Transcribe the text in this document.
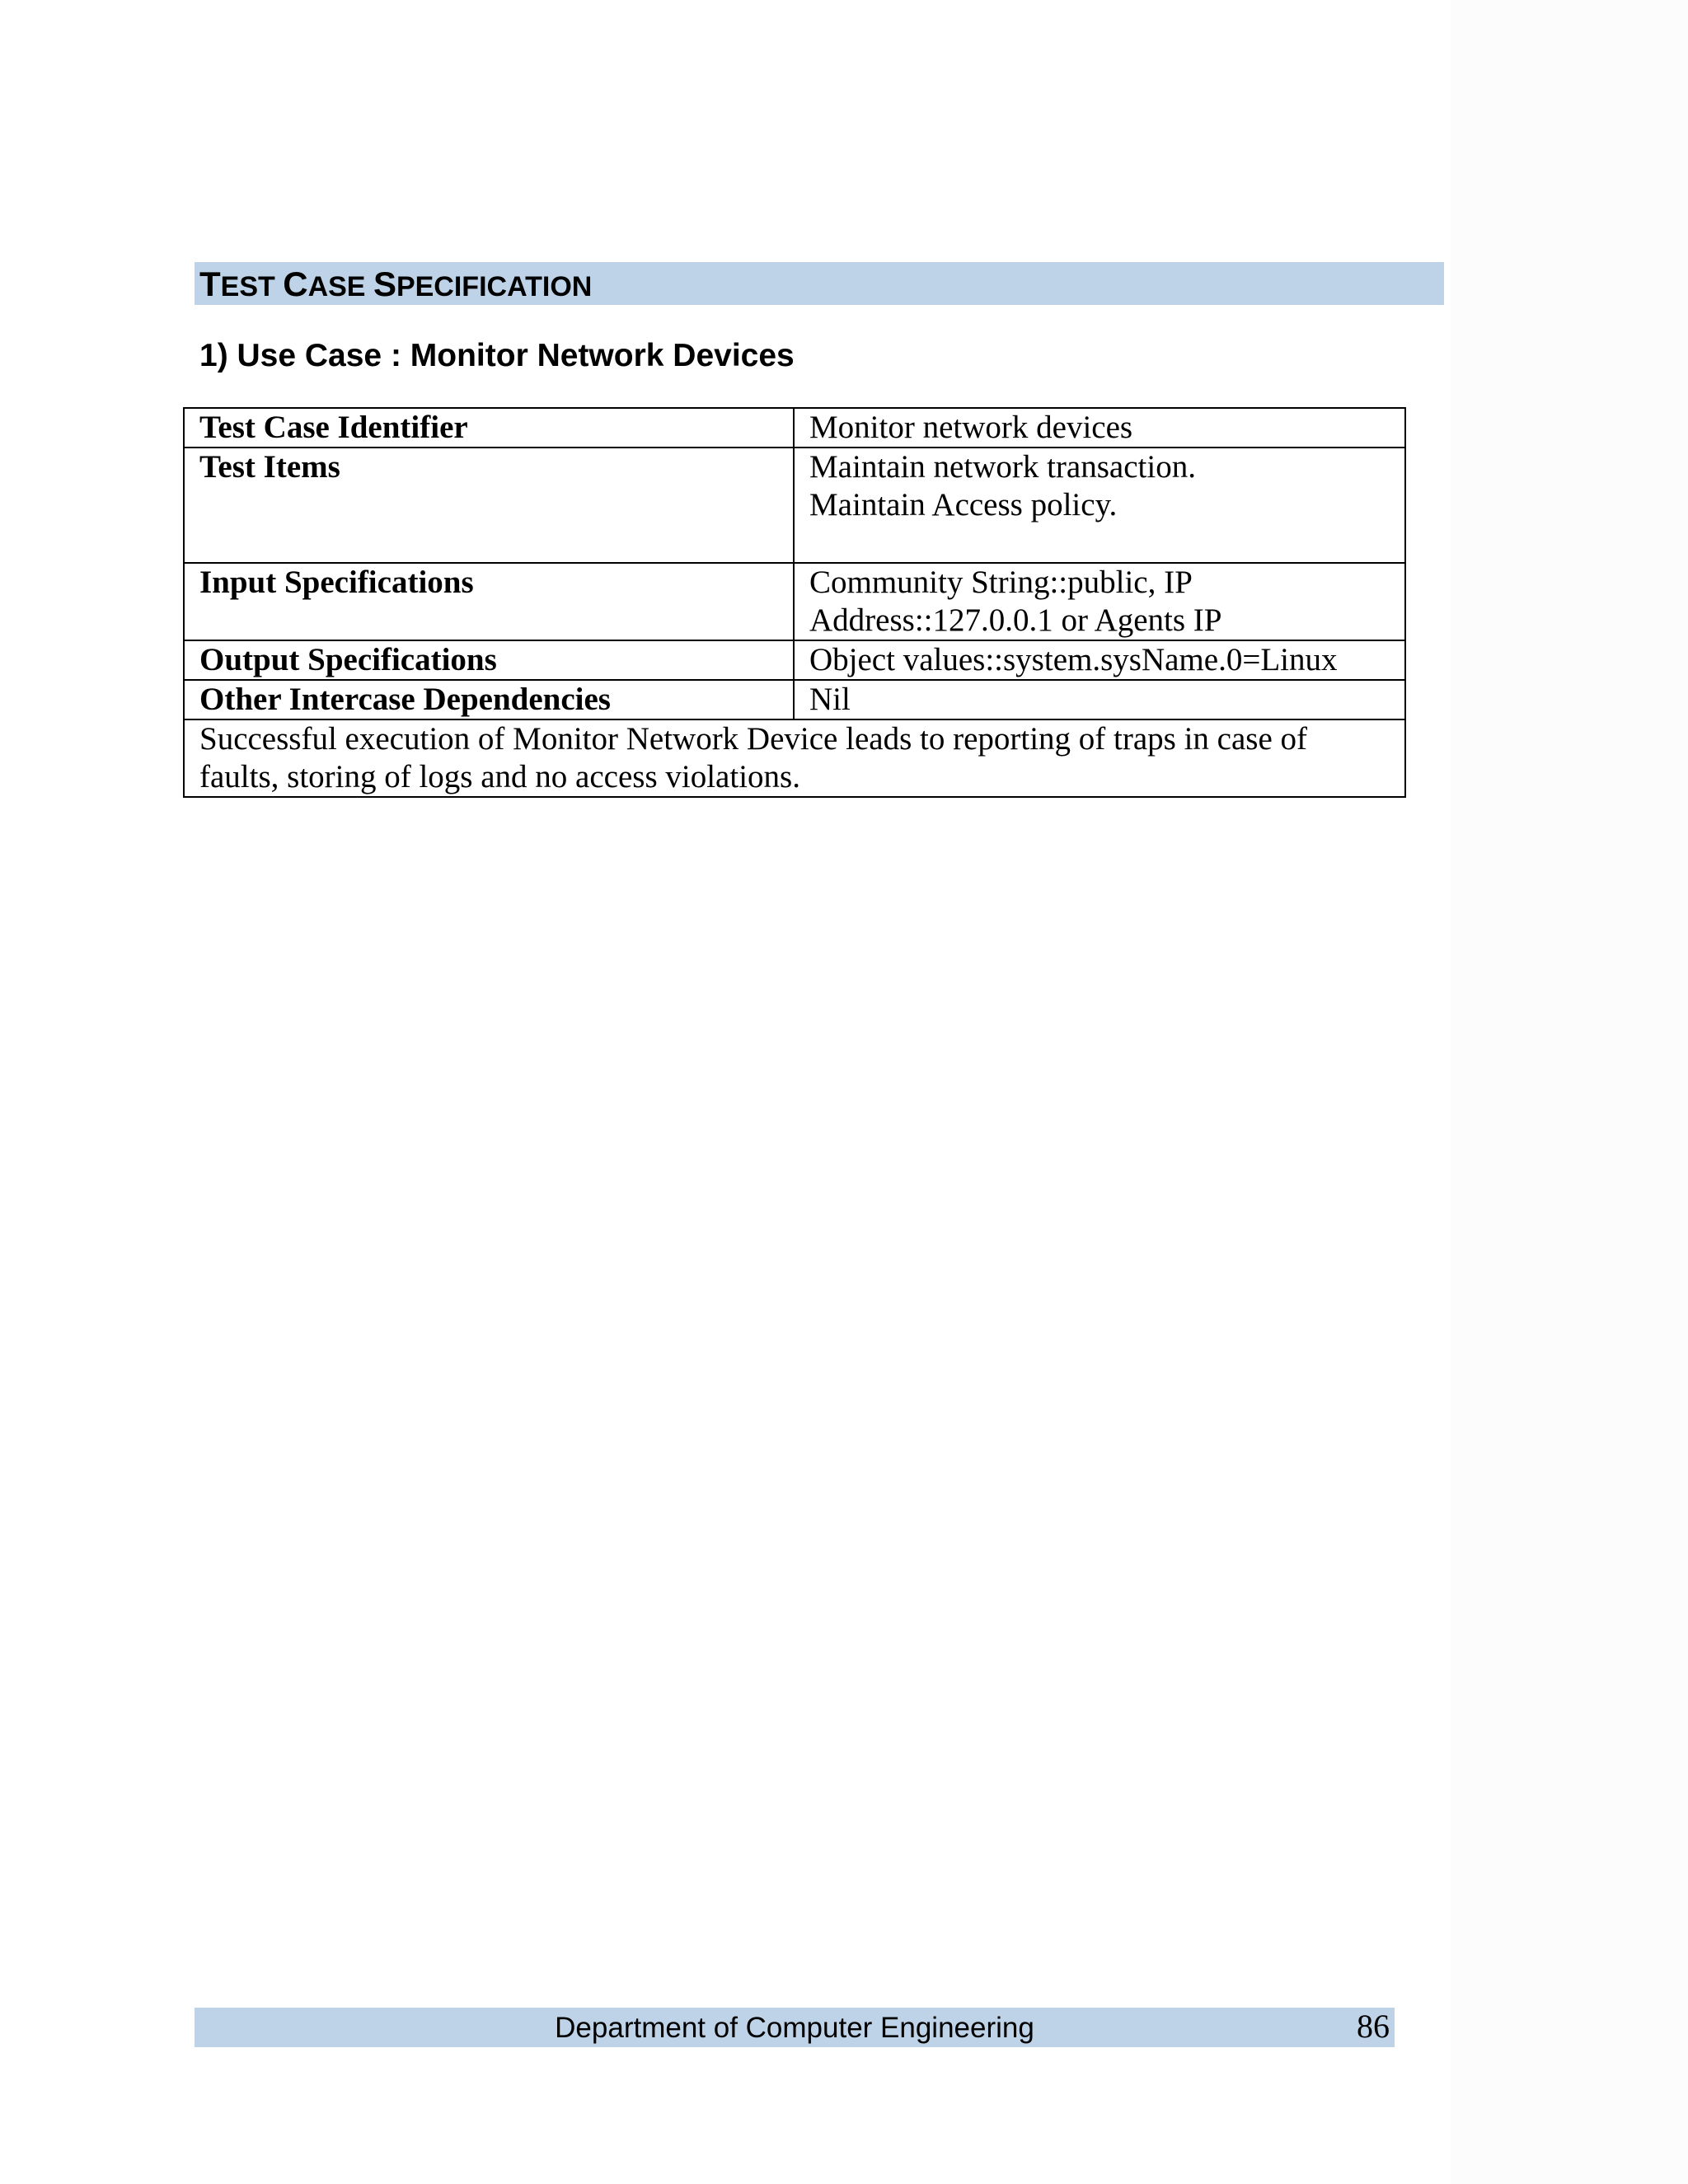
TEST CASE SPECIFICATION
1) Use Case : Monitor Network Devices
Test Case Identifier	Monitor network devices

Test Items	Maintain network transaction.
Maintain Access policy.

Input Specifications	Community String::public, IP
Address::127.0.0.1 or Agents IP

Output Specifications	Object values::system.sysName.0=Linux

Other Intercase Dependencies	Nil

Successful execution of Monitor Network Device leads to reporting of traps in case of
faults, storing of logs and no access violations.	
Department of Computer Engineering	86
